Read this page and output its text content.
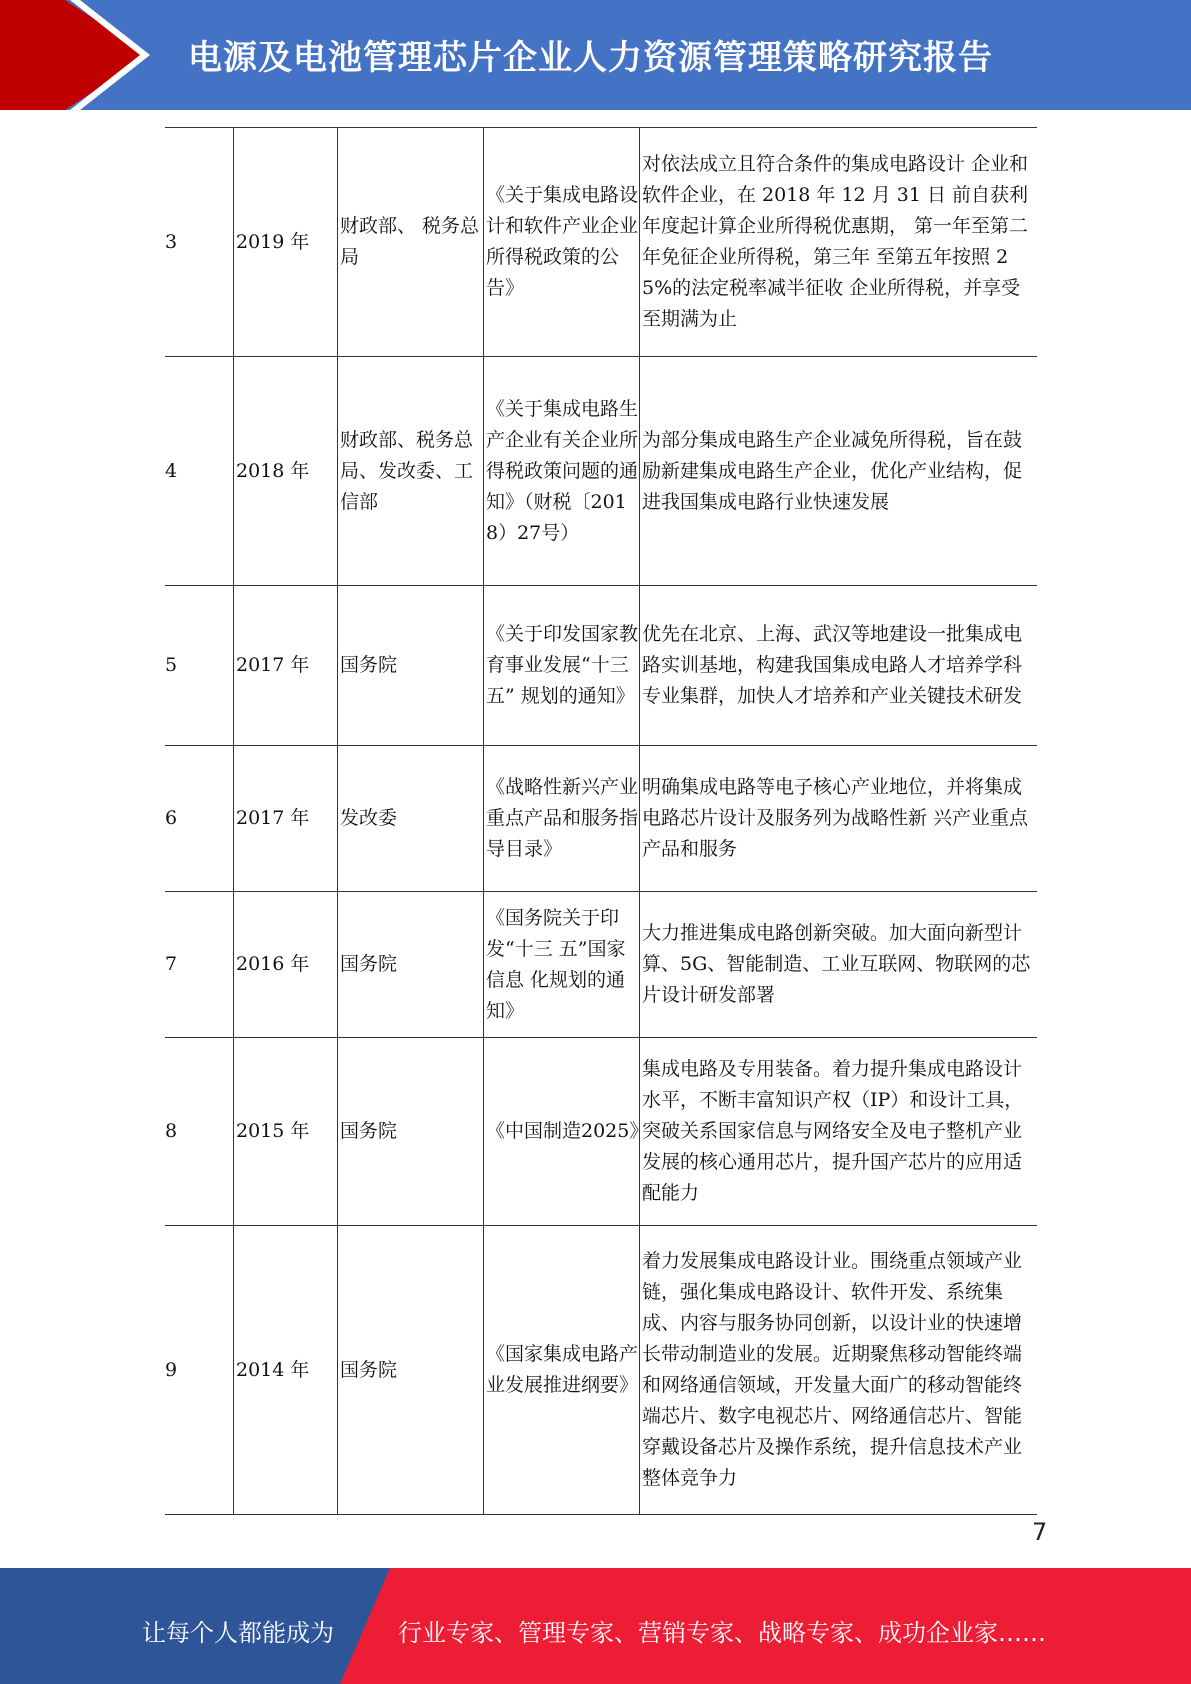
电源及电池管理芯片企业人力资源管理策略研究报告
3	2019 年	财政部、 税务总局	《关于集成电路设计和软件产业企业所得税政策的公告》	对依法成立且符合条件的集成电路设计 企业和软件企业，在 2018 年 12 月 31 日 前自获利年度起计算企业所得税优惠期， 第一年至第二年免征企业所得税，第三年 至第五年按照 25%的法定税率减半征收 企业所得税，并享受至期满为止
4	2018 年	财政部、税务总局、发改委、工信部	《关于集成电路生产企业有关企业所得税政策问题的通知》（财税〔2018）27号）	为部分集成电路生产企业减免所得税，旨在鼓励新建集成电路生产企业，优化产业结构，促进我国集成电路行业快速发展
5	2017 年	国务院	《关于印发国家教育事业发展“十三五” 规划的通知》	优先在北京、上海、武汉等地建设一批集成电路实训基地，构建我国集成电路人才培养学科专业集群，加快人才培养和产业关键技术研发
6	2017 年	发改委	《战略性新兴产业重点产品和服务指导目录》	明确集成电路等电子核心产业地位，并将集成电路芯片设计及服务列为战略性新 兴产业重点产品和服务
7	2016 年	国务院	《国务院关于印发“十三 五”国家信息 化规划的通 知》	大力推进集成电路创新突破。加大面向新型计算、5G、智能制造、工业互联网、物联网的芯片设计研发部署
8	2015 年	国务院	《中国制造2025》	集成电路及专用装备。着力提升集成电路设计水平，不断丰富知识产权（IP）和设计工具，突破关系国家信息与网络安全及电子整机产业发展的核心通用芯片，提升国产芯片的应用适配能力
9	2014 年	国务院	《国家集成电路产业发展推进纲要》	着力发展集成电路设计业。围绕重点领域产业链，强化集成电路设计、软件开发、系统集成、内容与服务协同创新，以设计业的快速增长带动制造业的发展。近期聚焦移动智能终端和网络通信领域，开发量大面广的移动智能终端芯片、数字电视芯片、网络通信芯片、智能穿戴设备芯片及操作系统，提升信息技术产业整体竞争力
7
让每个人都能成为	行业专家、管理专家、营销专家、战略专家、成功企业家……
